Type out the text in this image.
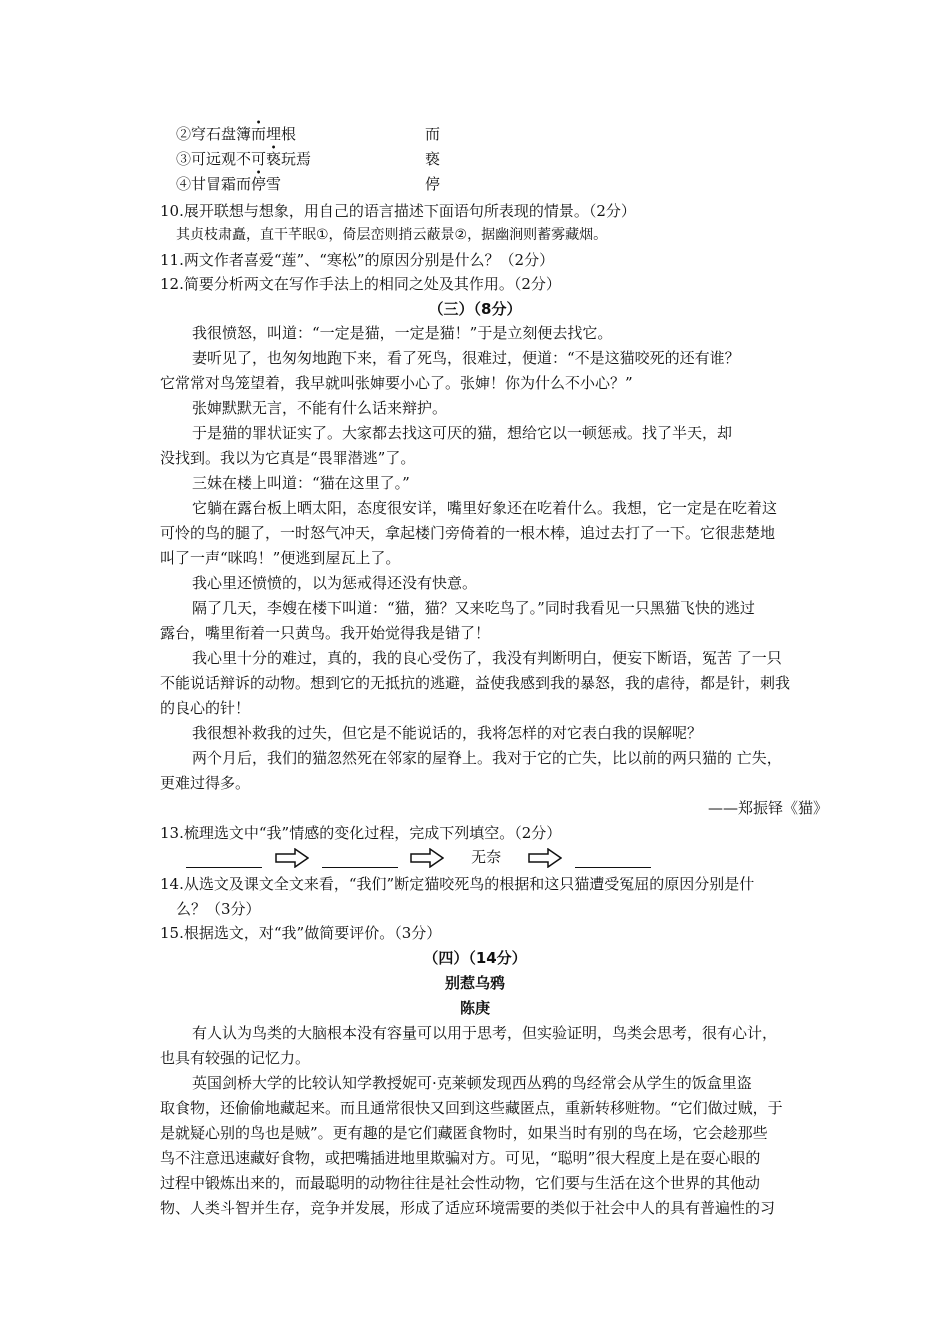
②穹石盘簿而埋根	而
③可远观不可亵玩焉	亵
④甘冒霜而停雪	停
10.展开联想与想象，用自己的语言描述下面语句所表现的情景。（2分）
其贞枝肃矗，直干芊眠①，倚层峦则捎云蔽景②，据幽涧则蓄雾藏烟。
11.两文作者喜爱“莲”、“寒松”的原因分别是什么？（2分）
12.简要分析两文在写作手法上的相同之处及其作用。（2分）
（三）（8分）
我很愤怒，叫道：“一定是猫，一定是猫！”于是立刻便去找它。
妻听见了，也匆匆地跑下来，看了死鸟，很难过，便道：“不是这猫咬死的还有谁？
它常常对鸟笼望着，我早就叫张婶要小心了。张婶！你为什么不小心？”
张婶默默无言，不能有什么话来辩护。
于是猫的罪状证实了。大家都去找这可厌的猫，想给它以一顿惩戒。找了半天，却
没找到。我以为它真是“畏罪潜逃”了。
三妹在楼上叫道：“猫在这里了。”
它躺在露台板上晒太阳，态度很安详，嘴里好象还在吃着什么。我想，它一定是在吃着这
可怜的鸟的腿了，一时怒气冲天，拿起楼门旁倚着的一根木棒，追过去打了一下。它很悲楚地
叫了一声“咪呜！”便逃到屋瓦上了。
我心里还愤愤的，以为惩戒得还没有快意。
隔了几天，李嫂在楼下叫道：“猫，猫？又来吃鸟了。”同时我看见一只黑猫飞快的逃过
露台，嘴里衔着一只黄鸟。我开始觉得我是错了！
我心里十分的难过，真的，我的良心受伤了，我没有判断明白，便妄下断语，冤苦 了一只
不能说话辩诉的动物。想到它的无抵抗的逃避，益使我感到我的暴怒，我的虐待，都是针，刺我
的良心的针！
我很想补救我的过失，但它是不能说话的，我将怎样的对它表白我的误解呢？
两个月后，我们的猫忽然死在邻家的屋脊上。我对于它的亡失，比以前的两只猫的 亡失，
更难过得多。
——郑振铎《猫》
13.梳理选文中“我”情感的变化过程，完成下列填空。（2分）
无奈
14.从选文及课文全文来看，“我们”断定猫咬死鸟的根据和这只猫遭受冤屈的原因分别是什
么？（3分）
15.根据选文，对“我”做简要评价。（3分）
（四）（14分）
别惹乌鸦
陈庚
有人认为鸟类的大脑根本没有容量可以用于思考，但实验证明，鸟类会思考，很有心计，
也具有较强的记忆力。
英国剑桥大学的比较认知学教授妮可·克莱顿发现西丛鸦的鸟经常会从学生的饭盒里盗
取食物，还偷偷地藏起来。而且通常很快又回到这些藏匿点，重新转移赃物。“它们做过贼，于
是就疑心别的鸟也是贼”。更有趣的是它们藏匿食物时，如果当时有别的鸟在场，它会趁那些
鸟不注意迅速藏好食物，或把嘴插进地里欺骗对方。可见，“聪明”很大程度上是在耍心眼的
过程中锻炼出来的，而最聪明的动物往往是社会性动物，它们要与生活在这个世界的其他动
物、人类斗智并生存，竞争并发展，形成了适应环境需要的类似于社会中人的具有普遍性的习
